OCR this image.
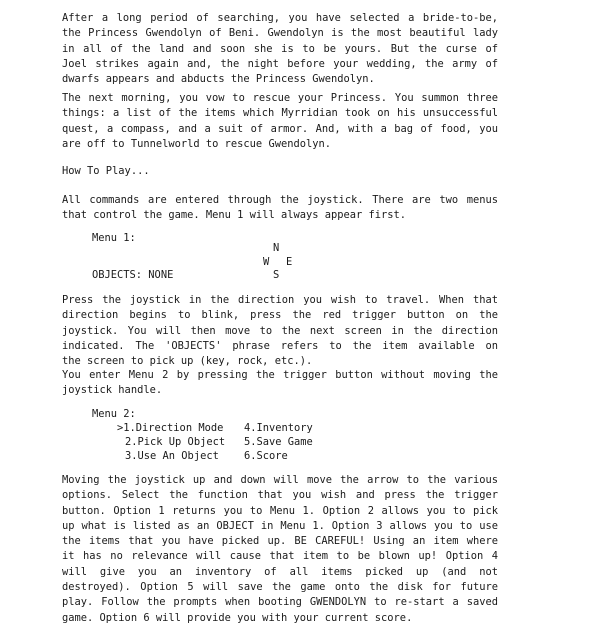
After a long period of searching, you have selected a bride-to-be,
the Princess Gwendolyn of Beni. Gwendolyn is the most beautiful lady
in all of the land and soon she is to be yours. But the curse of
Joel strikes again and, the night before your wedding, the army of
dwarfs appears and abducts the Princess Gwendolyn.
The next morning, you vow to rescue your Princess. You summon three
things: a list of the items which Myrridian took on his unsuccessful
quest, a compass, and a suit of armor. And, with a bag of food, you
are off to Tunnelworld to rescue Gwendolyn.
How To Play...
All commands are entered through the joystick. There are two menus
that control the game. Menu 1 will always appear first.
Menu 1:
N
W E
OBJECTS: NONE	S
Press the joystick in the direction you wish to travel. When that
direction begins to blink, press the red trigger button on the
joystick. You will then move to the next screen in the direction
indicated. The 'OBJECTS' phrase refers to the item available on
the screen to pick up (key, rock, etc.).
You enter Menu 2 by pressing the trigger button without moving the
joystick handle.
Menu 2:
>1.Direction Mode
2.Pick Up Object
3.Use An Object
4.Inventory
5.Save Game
6.Score
Moving the joystick up and down will move the arrow to the various
options. Select the function that you wish and press the trigger
button. Option 1 returns you to Menu 1. Option 2 allows you to pick
up what is listed as an OBJECT in Menu 1. Option 3 allows you to use
the items that you have picked up. BE CAREFUL! Using an item where
it has no relevance will cause that item to be blown up! Option 4
will give you an inventory of all items picked up (and not
destroyed). Option 5 will save the game onto the disk for future
play. Follow the prompts when booting GWENDOLYN to re-start a saved
game. Option 6 will provide you with your current score.
